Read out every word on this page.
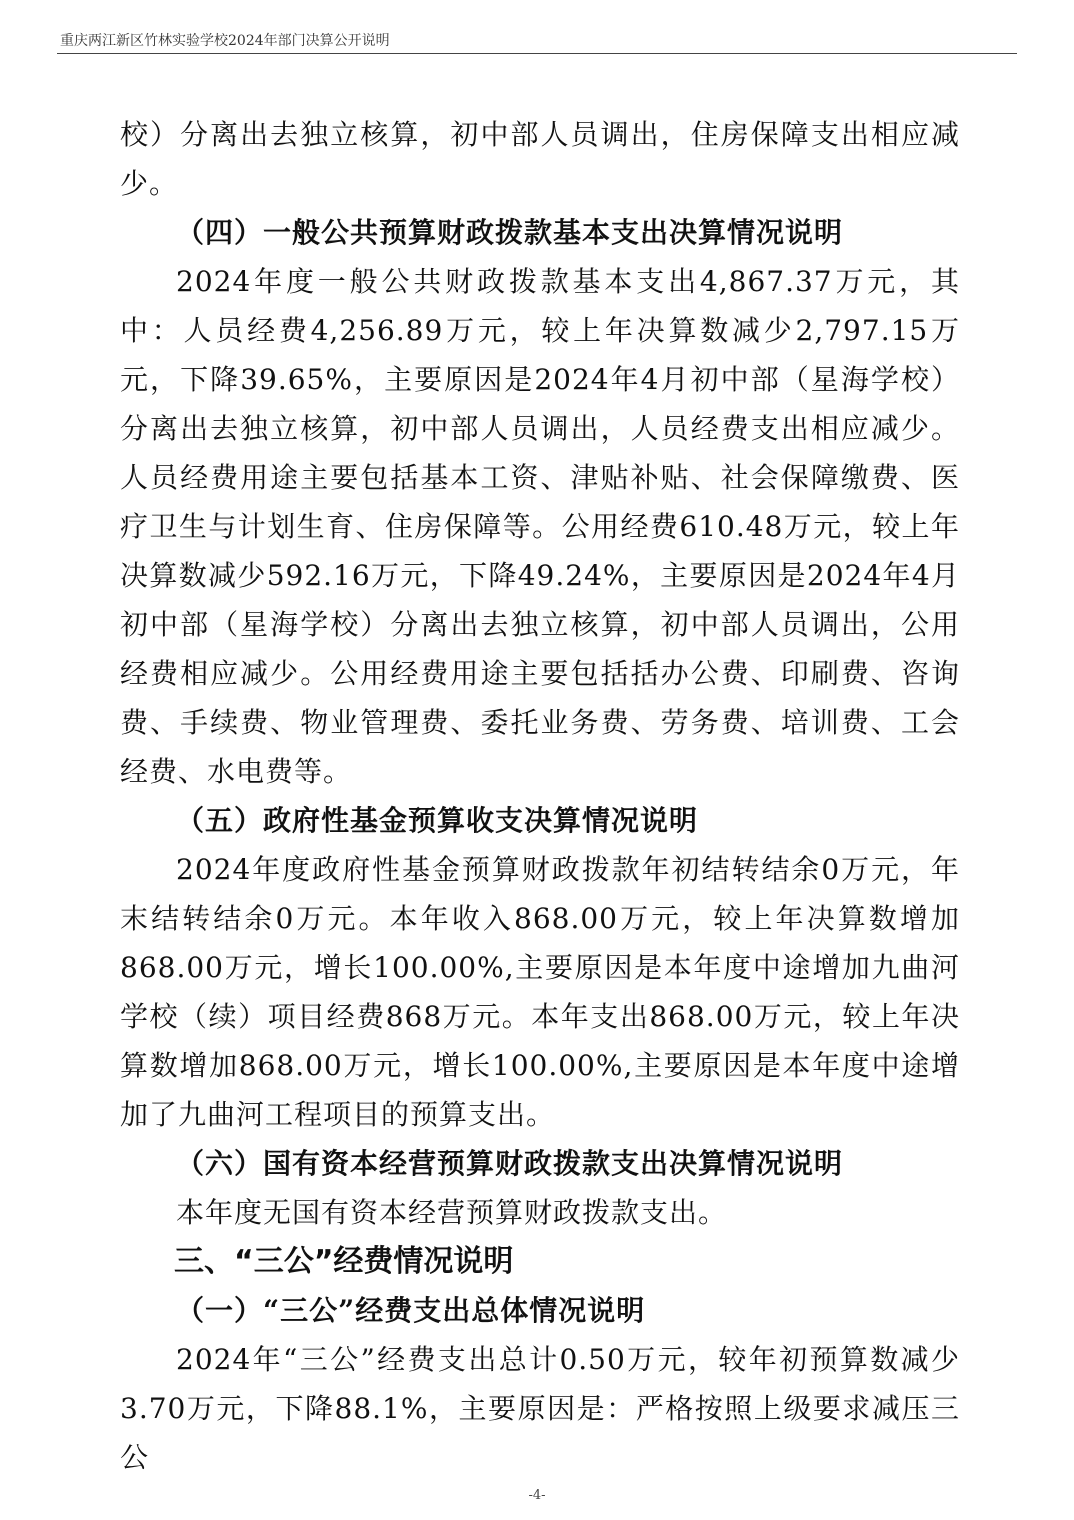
重庆两江新区竹林实验学校2024年部门决算公开说明

校）分离出去独立核算，初中部人员调出，住房保障支出相应减少。

（四）一般公共预算财政拨款基本支出决算情况说明

2024年度一般公共财政拨款基本支出4,867.37万元，其中：人员经费4,256.89万元，较上年决算数减少2,797.15万元，下降39.65%，主要原因是2024年4月初中部（星海学校）分离出去独立核算，初中部人员调出，人员经费支出相应减少。人员经费用途主要包括基本工资、津贴补贴、社会保障缴费、医疗卫生与计划生育、住房保障等。公用经费610.48万元，较上年决算数减少592.16万元，下降49.24%，主要原因是2024年4月初中部（星海学校）分离出去独立核算，初中部人员调出，公用经费相应减少。公用经费用途主要包括括办公费、印刷费、咨询费、手续费、物业管理费、委托业务费、劳务费、培训费、工会经费、水电费等。

（五）政府性基金预算收支决算情况说明

2024年度政府性基金预算财政拨款年初结转结余0万元，年末结转结余0万元。本年收入868.00万元，较上年决算数增加868.00万元，增长100.00%,主要原因是本年度中途增加九曲河学校（续）项目经费868万元。本年支出868.00万元，较上年决算数增加868.00万元，增长100.00%,主要原因是本年度中途增加了九曲河工程项目的预算支出。

（六）国有资本经营预算财政拨款支出决算情况说明

本年度无国有资本经营预算财政拨款支出。

三、“三公”经费情况说明

（一）“三公”经费支出总体情况说明

2024年“三公”经费支出总计0.50万元，较年初预算数减少3.70万元，下降88.1%，主要原因是：严格按照上级要求减压三公

-4-
